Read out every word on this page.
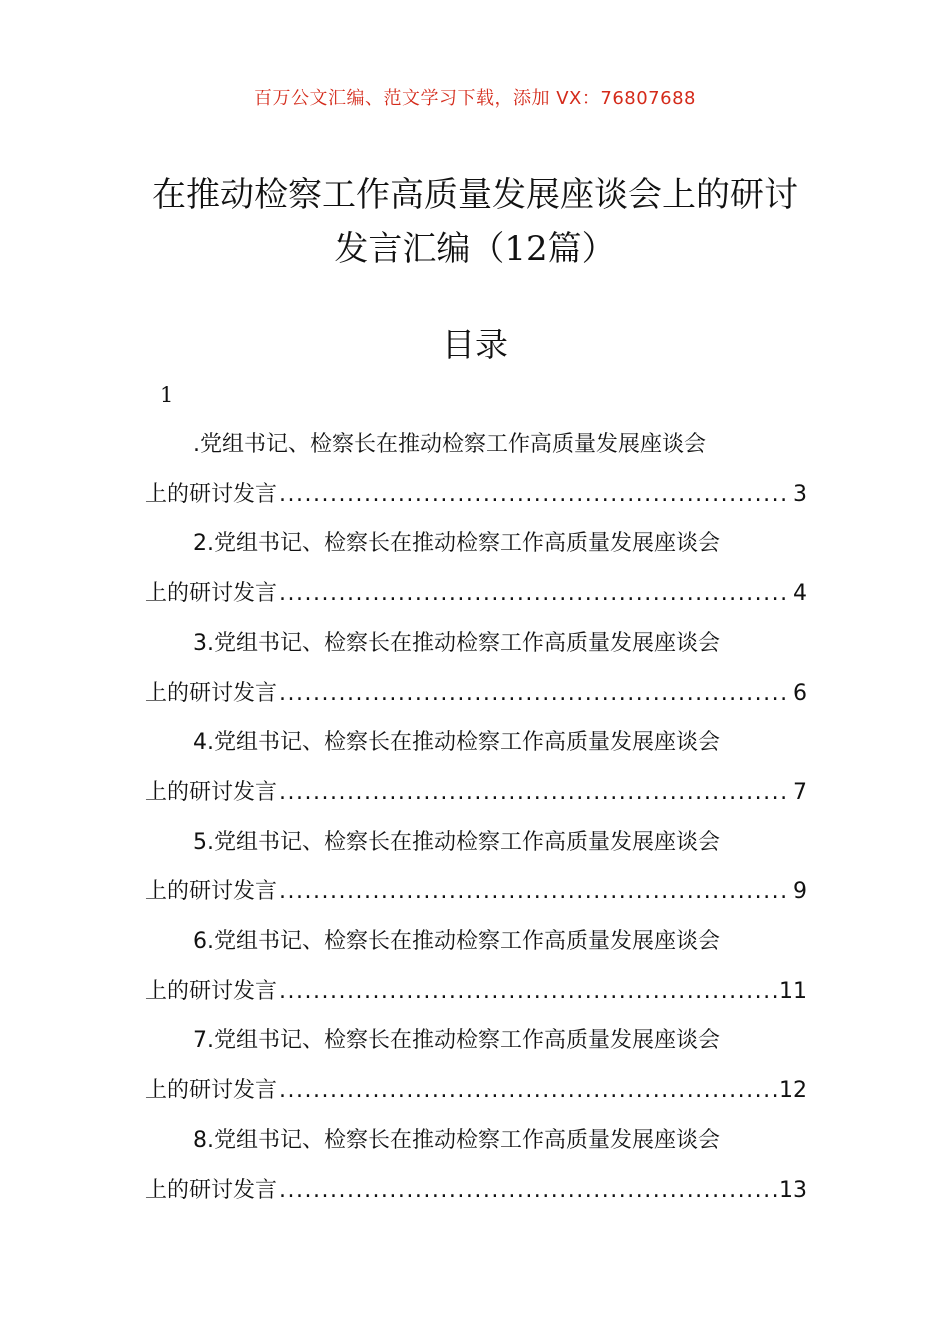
百万公文汇编、范文学习下载，添加 VX：76807688
在推动检察工作高质量发展座谈会上的研讨发言汇编（12篇）
目录
1
.党组书记、检察长在推动检察工作高质量发展座谈会
上的研讨发言 .....	3
2.党组书记、检察长在推动检察工作高质量发展座谈会
上的研讨发言 .....	4
3.党组书记、检察长在推动检察工作高质量发展座谈会
上的研讨发言 .....	6
4.党组书记、检察长在推动检察工作高质量发展座谈会
上的研讨发言 .....	7
5.党组书记、检察长在推动检察工作高质量发展座谈会
上的研讨发言 .....	9
6.党组书记、检察长在推动检察工作高质量发展座谈会
上的研讨发言 .....	11
7.党组书记、检察长在推动检察工作高质量发展座谈会
上的研讨发言 .....	12
8.党组书记、检察长在推动检察工作高质量发展座谈会
上的研讨发言 .....	13
